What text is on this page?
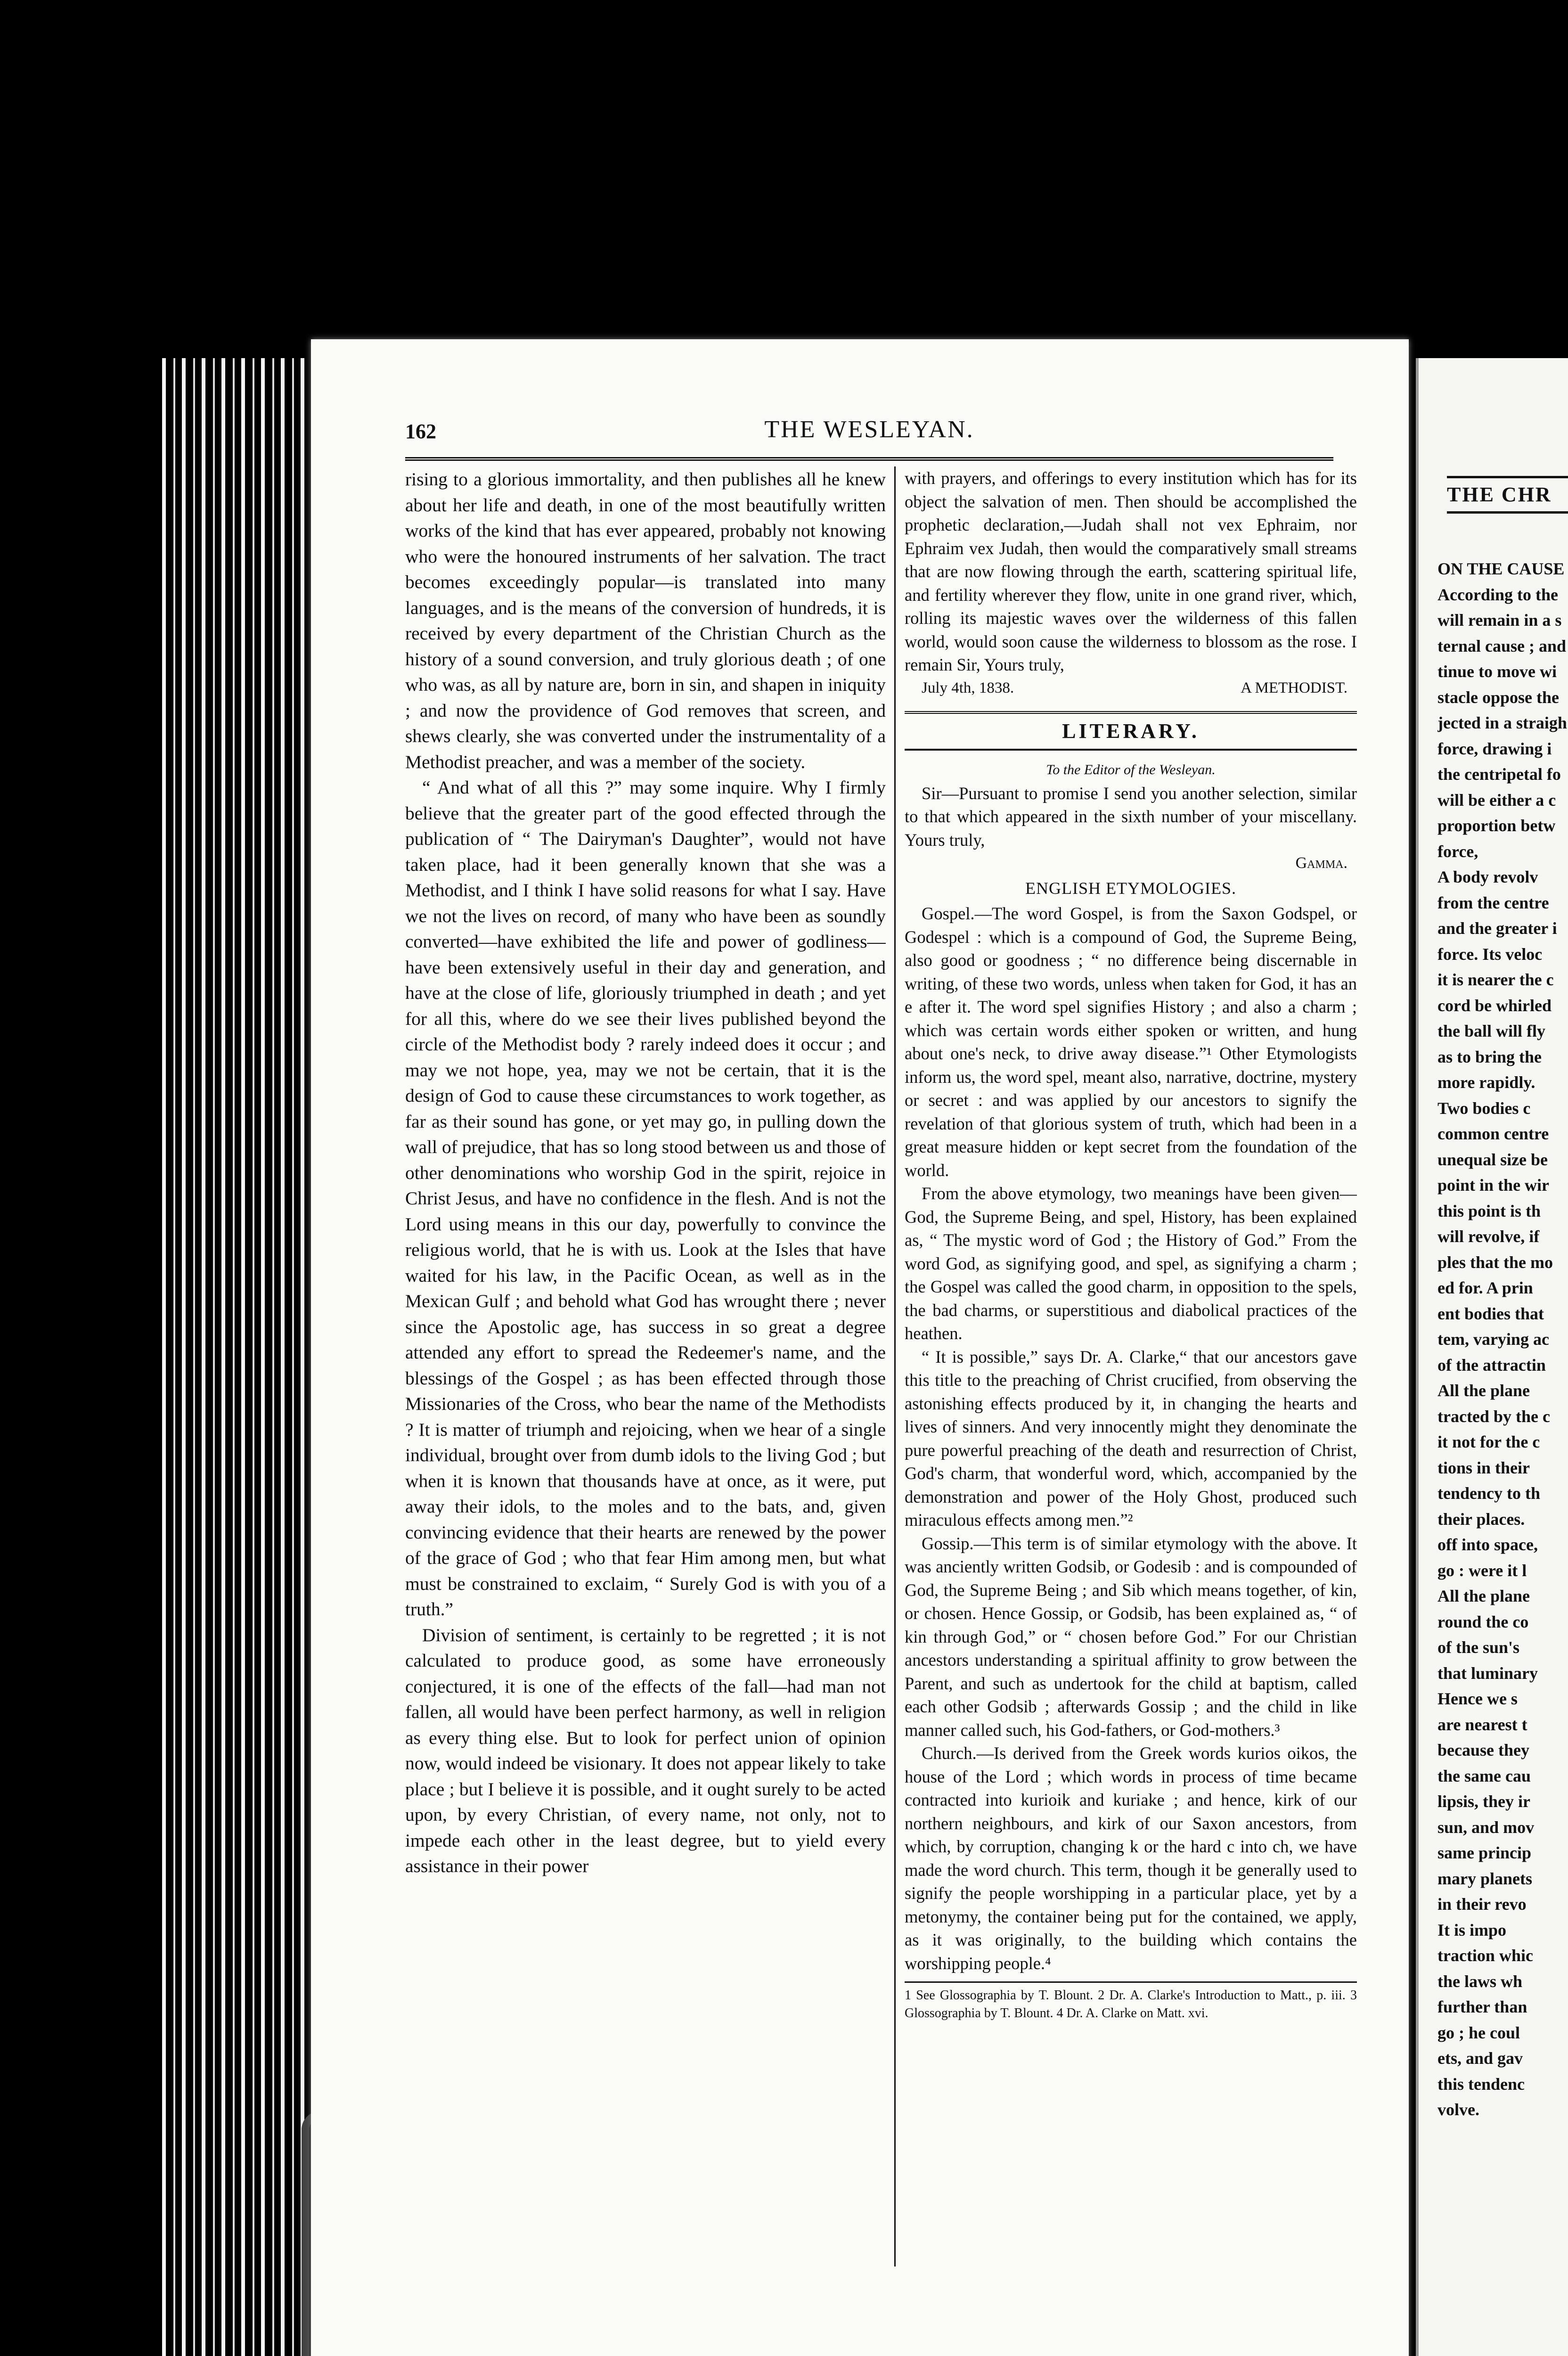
162	THE WESLEYAN.

rising to a glorious immortality, and then publishes all he knew about her life and death, in one of the most beautifully written works of the kind that has ever appeared, probably not knowing who were the honoured instruments of her salvation. The tract becomes exceedingly popular—is translated into many languages, and is the means of the conversion of hundreds, it is received by every department of the Christian Church as the history of a sound conversion, and truly glorious death ; of one who was, as all by nature are, born in sin, and shapen in iniquity ; and now the providence of God removes that screen, and shews clearly, she was converted under the instrumentality of a Methodist preacher, and was a member of the society.

“ And what of all this ?” may some inquire. Why I firmly believe that the greater part of the good effected through the publication of “ The Dairyman's Daughter”, would not have taken place, had it been generally known that she was a Methodist, and I think I have solid reasons for what I say. Have we not the lives on record, of many who have been as soundly converted—have exhibited the life and power of godliness—have been extensively useful in their day and generation, and have at the close of life, gloriously triumphed in death ; and yet for all this, where do we see their lives published beyond the circle of the Methodist body ? rarely indeed does it occur ; and may we not hope, yea, may we not be certain, that it is the design of God to cause these circumstances to work together, as far as their sound has gone, or yet may go, in pulling down the wall of prejudice, that has so long stood between us and those of other denominations who worship God in the spirit, rejoice in Christ Jesus, and have no confidence in the flesh. And is not the Lord using means in this our day, powerfully to convince the religious world, that he is with us. Look at the Isles that have waited for his law, in the Pacific Ocean, as well as in the Mexican Gulf ; and behold what God has wrought there ; never since the Apostolic age, has success in so great a degree attended any effort to spread the Redeemer's name, and the blessings of the Gospel ; as has been effected through those Missionaries of the Cross, who bear the name of the Methodists ? It is matter of triumph and rejoicing, when we hear of a single individual, brought over from dumb idols to the living God ; but when it is known that thousands have at once, as it were, put away their idols, to the moles and to the bats, and, given convincing evidence that their hearts are renewed by the power of the grace of God ; who that fear Him among men, but what must be constrained to exclaim, “ Surely God is with you of a truth.”

Division of sentiment, is certainly to be regretted ; it is not calculated to produce good, as some have erroneously conjectured, it is one of the effects of the fall—had man not fallen, all would have been perfect harmony, as well in religion as every thing else. But to look for perfect union of opinion now, would indeed be visionary. It does not appear likely to take place ; but I believe it is possible, and it ought surely to be acted upon, by every Christian, of every name, not only, not to impede each other in the least degree, but to yield every assistance in their power

with prayers, and offerings to every institution which has for its object the salvation of men. Then should be accomplished the prophetic declaration,—Judah shall not vex Ephraim, nor Ephraim vex Judah, then would the comparatively small streams that are now flowing through the earth, scattering spiritual life, and fertility wherever they flow, unite in one grand river, which, rolling its majestic waves over the wilderness of this fallen world, would soon cause the wilderness to blossom as the rose. I remain Sir, Yours truly,

July 4th, 1838.	A METHODIST.
LITERARY.
To the Editor of the Wesleyan.

Sir—Pursuant to promise I send you another selection, similar to that which appeared in the sixth number of your miscellany. Yours truly,

Gamma.
ENGLISH ETYMOLOGIES.

Gospel.—The word Gospel, is from the Saxon Godspel, or Godespel : which is a compound of God, the Supreme Being, also good or goodness ; “ no difference being discernable in writing, of these two words, unless when taken for God, it has an e after it. The word spel signifies History ; and also a charm ; which was certain words either spoken or written, and hung about one's neck, to drive away disease.”¹ Other Etymologists inform us, the word spel, meant also, narrative, doctrine, mystery or secret : and was applied by our ancestors to signify the revelation of that glorious system of truth, which had been in a great measure hidden or kept secret from the foundation of the world.

From the above etymology, two meanings have been given—God, the Supreme Being, and spel, History, has been explained as, “ The mystic word of God ; the History of God.” From the word God, as signifying good, and spel, as signifying a charm ; the Gospel was called the good charm, in opposition to the spels, the bad charms, or superstitious and diabolical practices of the heathen.

“ It is possible,” says Dr. A. Clarke,“ that our ancestors gave this title to the preaching of Christ crucified, from observing the astonishing effects produced by it, in changing the hearts and lives of sinners. And very innocently might they denominate the pure powerful preaching of the death and resurrection of Christ, God's charm, that wonderful word, which, accompanied by the demonstration and power of the Holy Ghost, produced such miraculous effects among men.”²

Gossip.—This term is of similar etymology with the above. It was anciently written Godsib, or Godesib : and is compounded of God, the Supreme Being ; and Sib which means together, of kin, or chosen. Hence Gossip, or Godsib, has been explained as, “ of kin through God,” or “ chosen before God.” For our Christian ancestors understanding a spiritual affinity to grow between the Parent, and such as undertook for the child at baptism, called each other Godsib ; afterwards Gossip ; and the child in like manner called such, his God-fathers, or God-mothers.³

Church.—Is derived from the Greek words kurios oikos, the house of the Lord ; which words in process of time became contracted into kurioik and kuriake ; and hence, kirk of our northern neighbours, and kirk of our Saxon ancestors, from which, by corruption, changing k or the hard c into ch, we have made the word church. This term, though it be generally used to signify the people worshipping in a particular place, yet by a metonymy, the container being put for the contained, we apply, as it was originally, to the building which contains the worshipping people.⁴

1 See Glossographia by T. Blount. 2 Dr. A. Clarke's Introduction to Matt., p. iii. 3 Glossographia by T. Blount. 4 Dr. A. Clarke on Matt. xvi.
THE CHR
ON THE CAUSE
According to the
will remain in a s
ternal cause ; and
tinue to move wi
stacle oppose the
jected in a straigh
force, drawing i
the centripetal fo
will be either a c
proportion betw
force,
A body revolv
from the centre
and the greater i
force. Its veloc
it is nearer the c
cord be whirled
the ball will fly
as to bring the
more rapidly.
Two bodies c
common centre
unequal size be
point in the wir
this point is th
will revolve, if
ples that the mo
ed for. A prin
ent bodies that
tem, varying ac
of the attractin
All the plane
tracted by the c
it not for the c
tions in their
tendency to th
their places.
off into space,
go : were it l
All the plane
round the co
of the sun's
that luminary
Hence we s
are nearest t
because they
the same cau
lipsis, they ir
sun, and mov
same princip
mary planets
in their revo
It is impo
traction whic
the laws wh
further than
go ; he coul
ets, and gav
this tendenc
volve.
